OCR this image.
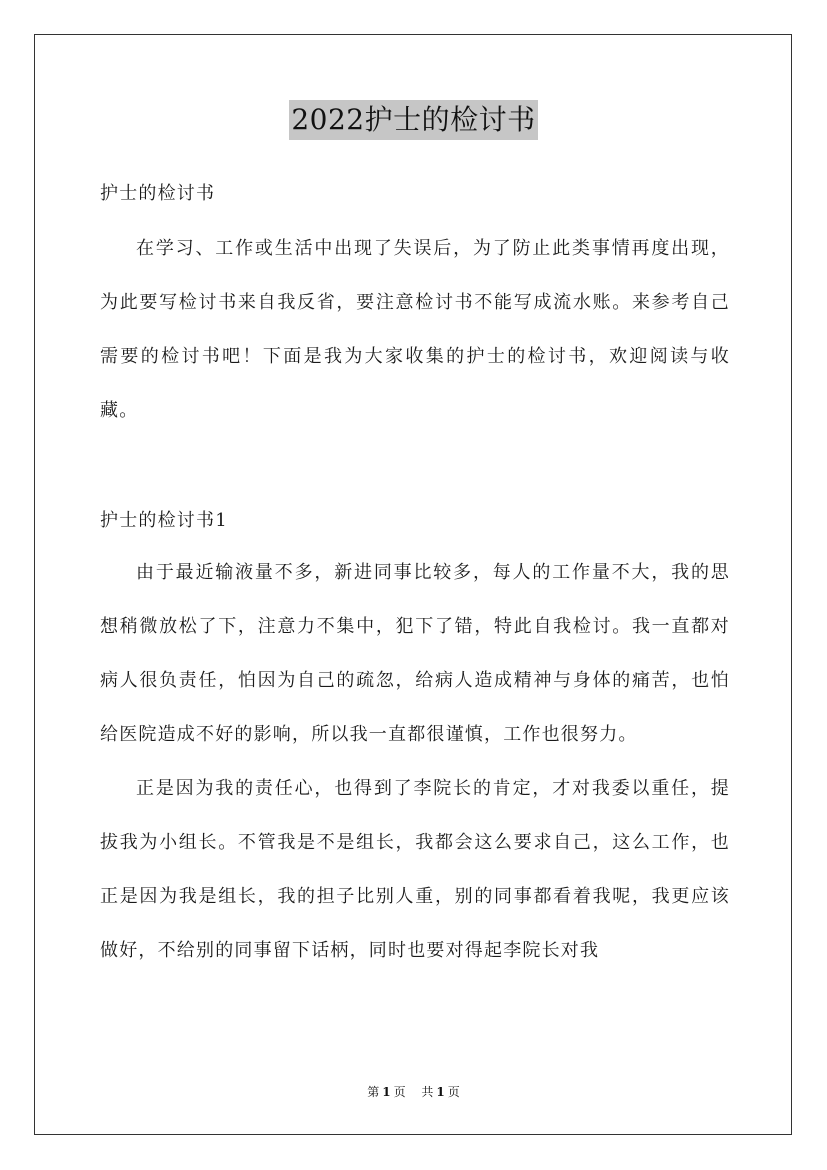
2022护士的检讨书
护士的检讨书

在学习、工作或生活中出现了失误后，为了防止此类事情再度出现，为此要写检讨书来自我反省，要注意检讨书不能写成流水账。来参考自己需要的检讨书吧！下面是我为大家收集的护士的检讨书，欢迎阅读与收藏。

护士的检讨书1

由于最近输液量不多，新进同事比较多，每人的工作量不大，我的思想稍微放松了下，注意力不集中，犯下了错，特此自我检讨。我一直都对病人很负责任，怕因为自己的疏忽，给病人造成精神与身体的痛苦，也怕给医院造成不好的影响，所以我一直都很谨慎，工作也很努力。

正是因为我的责任心，也得到了李院长的肯定，才对我委以重任，提拔我为小组长。不管我是不是组长，我都会这么要求自己，这么工作，也正是因为我是组长，我的担子比别人重，别的同事都看着我呢，我更应该做好，不给别的同事留下话柄，同时也要对得起李院长对我

第 1 页 共 1 页
